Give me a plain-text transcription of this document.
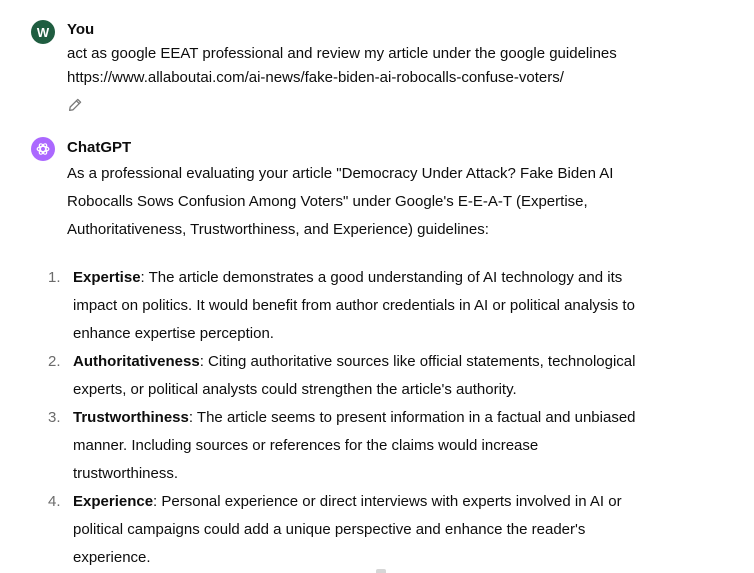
W You
act as google EEAT professional and review my article under the google guidelines
https://www.allaboutai.com/ai-news/fake-biden-ai-robocalls-confuse-voters/
ChatGPT
As a professional evaluating your article "Democracy Under Attack? Fake Biden AI
Robocalls Sows Confusion Among Voters" under Google's E-E-A-T (Expertise,
Authoritativeness, Trustworthiness, and Experience) guidelines:
1. Expertise: The article demonstrates a good understanding of AI technology and its
impact on politics. It would benefit from author credentials in AI or political analysis to
enhance expertise perception.
2. Authoritativeness: Citing authoritative sources like official statements, technological
experts, or political analysts could strengthen the article's authority.
3. Trustworthiness: The article seems to present information in a factual and unbiased
manner. Including sources or references for the claims would increase
trustworthiness.
4. Experience: Personal experience or direct interviews with experts involved in AI or
political campaigns could add a unique perspective and enhance the reader's
experience.
